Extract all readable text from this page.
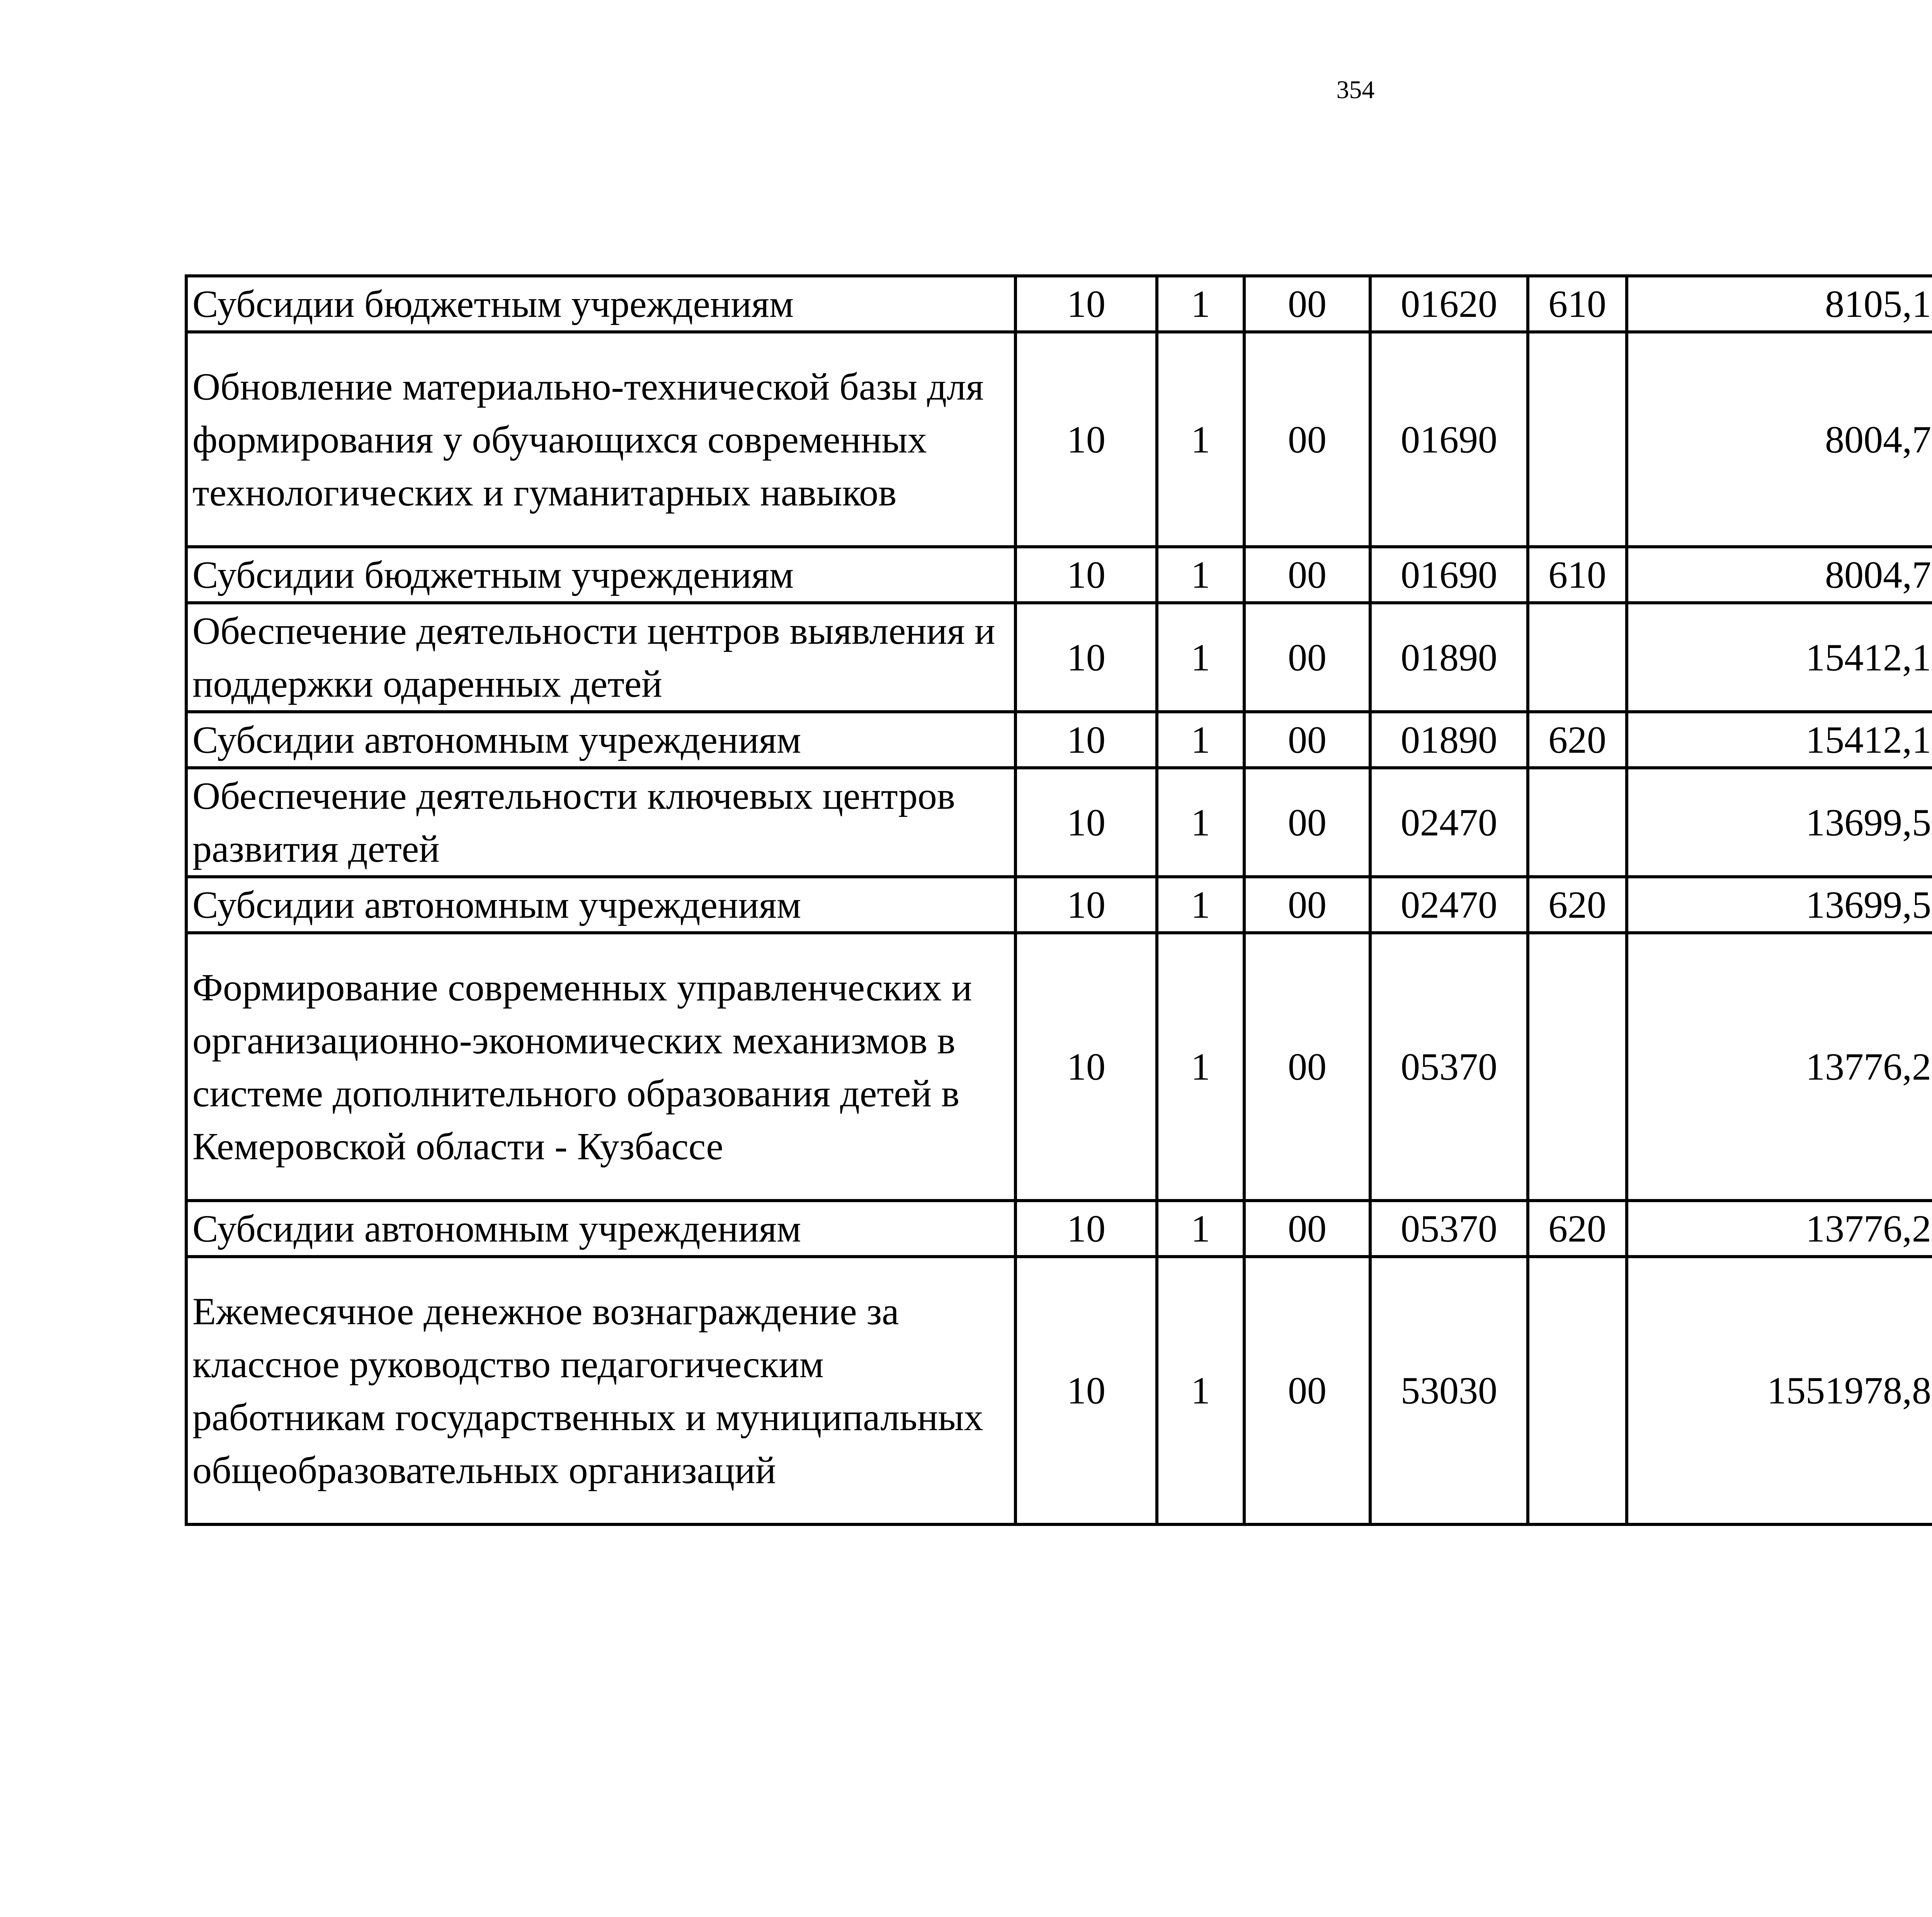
354
Субсидии бюджетным учреждениям	10	1	00	01620	610	8105,1		
Обновление материально-технической базы для формирования у обучающихся современных технологических и гуманитарных навыков	10	1	00	01690		8004,7		
Субсидии бюджетным учреждениям	10	1	00	01690	610	8004,7		
Обеспечение деятельности центров выявления и поддержки одаренных детей	10	1	00	01890		15412,1		
Субсидии автономным учреждениям	10	1	00	01890	620	15412,1		
Обеспечение деятельности ключевых центров развития детей	10	1	00	02470		13699,5		
Субсидии автономным учреждениям	10	1	00	02470	620	13699,5		
Формирование современных управленческих и организационно-экономических механизмов в системе дополнительного образования детей в Кемеровской области - Кузбассе	10	1	00	05370		13776,2		
Субсидии автономным учреждениям	10	1	00	05370	620	13776,2		
Ежемесячное денежное вознаграждение за классное руководство педагогическим работникам государственных и муниципальных общеобразовательных организаций	10	1	00	53030		1551978,8		
